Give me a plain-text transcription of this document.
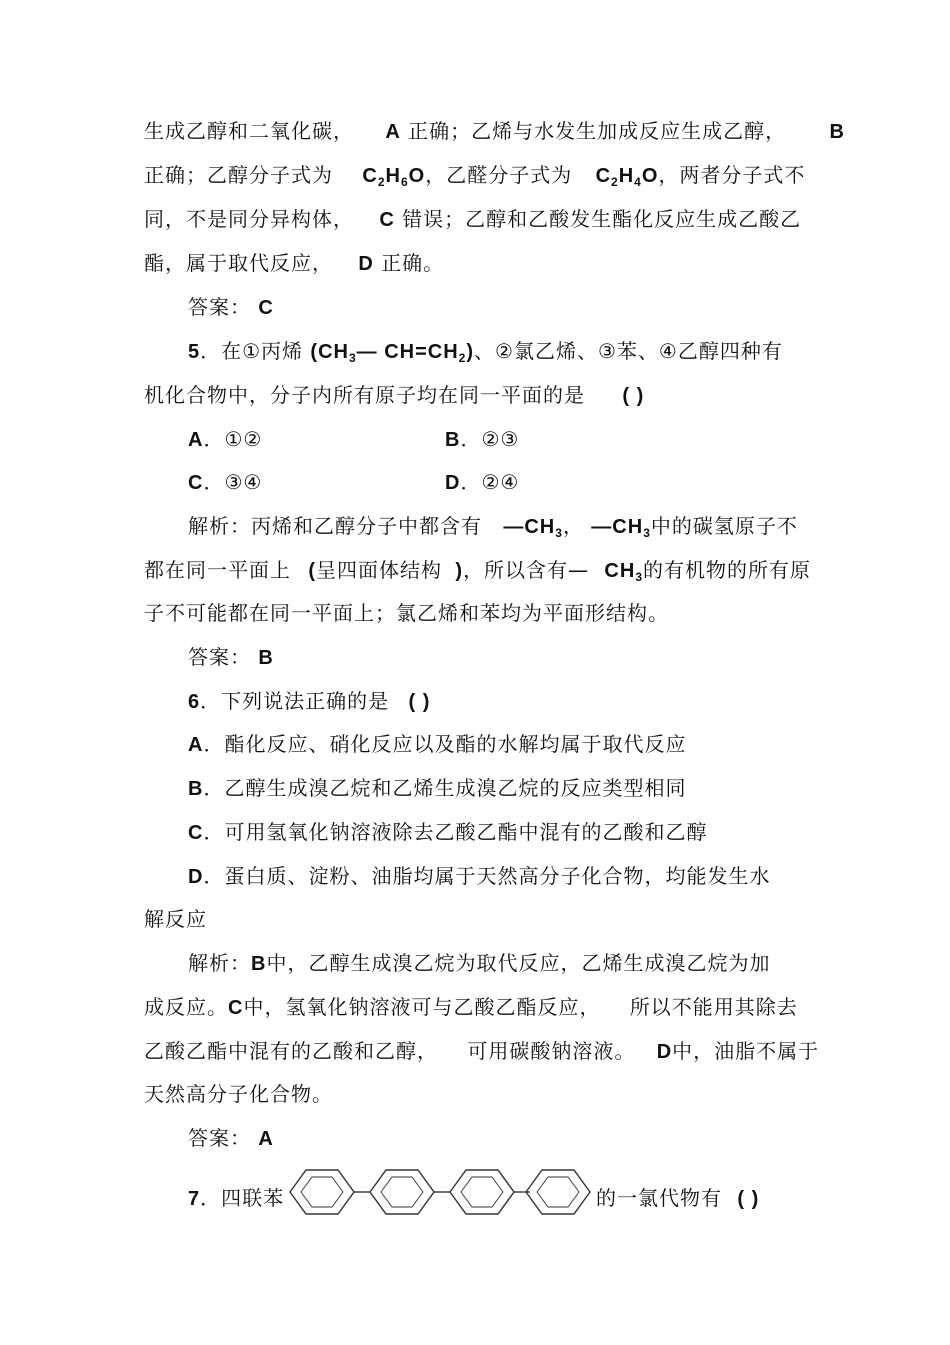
生成乙醇和二氧化碳， A 正确；乙烯与水发生加成反应生成乙醇， B
正确；乙醇分子式为 $C_2H_6O$，乙醛分子式为 $C_2H_4O$，两者分子式不
同，不是同分异构体， C 错误；乙醇和乙酸发生酯化反应生成乙酸乙
酯，属于取代反应， D 正确。
答案： C
5．在①丙烯 ($CH_3—$ $CH=CH_2$)、②氯乙烯、③苯、④乙醇四种有
机化合物中，分子内所有原子均在同一平面的是 ( )
A．①②	B．②③
C．③④	D．②④
解析：丙烯和乙醇分子中都含有 $—CH_3$， $—CH_3$中的碳氢原子不
都在同一平面上 (呈四面体结构 )，所以含有— $CH_3$的有机物的所有原
子不可能都在同一平面上；氯乙烯和苯均为平面形结构。
答案： B
6．下列说法正确的是 ( )
A．酯化反应、硝化反应以及酯的水解均属于取代反应
B．乙醇生成溴乙烷和乙烯生成溴乙烷的反应类型相同
C．可用氢氧化钠溶液除去乙酸乙酯中混有的乙酸和乙醇
D．蛋白质、淀粉、油脂均属于天然高分子化合物，均能发生水
解反应
解析：B中，乙醇生成溴乙烷为取代反应，乙烯生成溴乙烷为加
成反应。C中，氢氧化钠溶液可与乙酸乙酯反应， 所以不能用其除去
乙酸乙酯中混有的乙酸和乙醇， 可用碳酸钠溶液。 D中，油脂不属于
天然高分子化合物。
答案： A
7．四联苯	的一氯代物有 ( )
